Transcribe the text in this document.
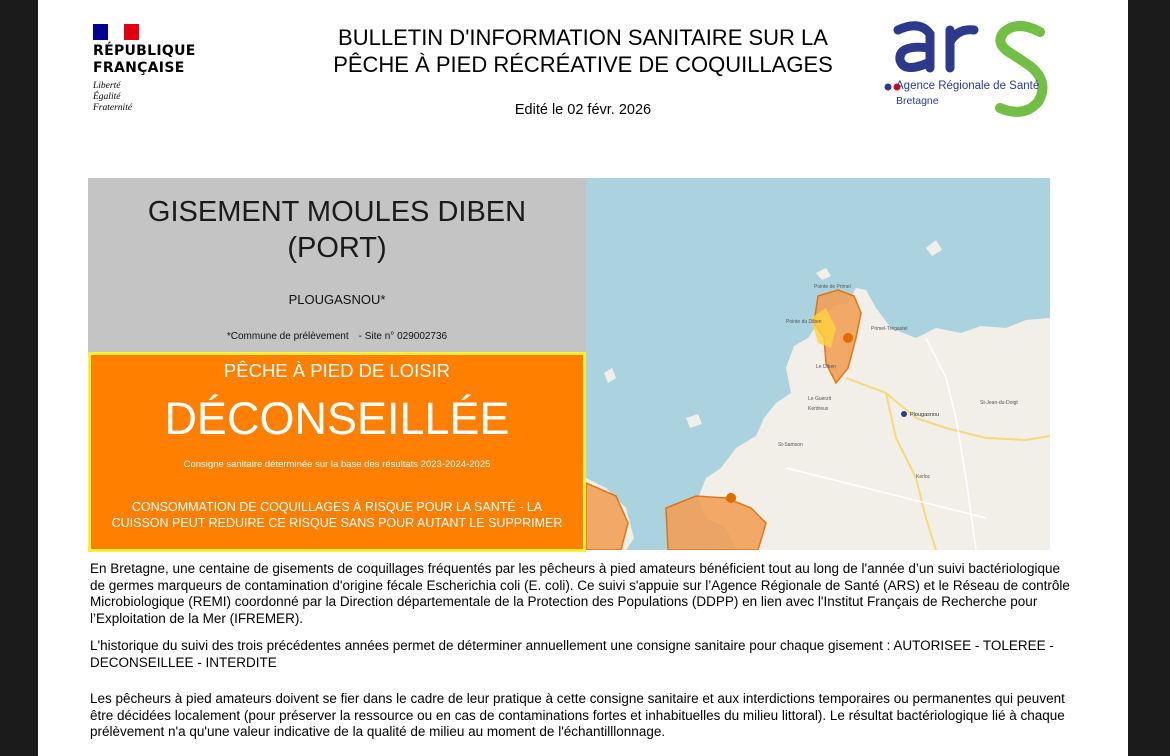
RÉPUBLIQUE
FRANÇAISE
Liberté
Égalité
Fraternité
BULLETIN D'INFORMATION SANITAIRE SUR LA
PÊCHE À PIED RÉCRÉATIVE DE COQUILLAGES
Edité le 02 févr. 2026
Agence Régionale de Santé
Bretagne
GISEMENT MOULES DIBEN
(PORT)
PLOUGASNOU*
*Commune de prélèvement - Site n° 029002736
PÊCHE À PIED DE LOISIR
DÉCONSEILLÉE
Consigne sanitaire déterminée sur la base des résultats 2023-2024-2025
CONSOMMATION DE COQUILLAGES À RISQUE POUR LA SANTÉ - LA
CUISSON PEUT REDUIRE CE RISQUE SANS POUR AUTANT LE SUPPRIMER
Pointe de Primel
Pointe du Diben
Le Diben
Primel-Trégastel
Kerdreux
Plougasnou
St-Samson
Le Guerzit
St-Jean-du-Doigt
Kerloc
En Bretagne, une centaine de gisements de coquillages fréquentés par les pêcheurs à pied amateurs bénéficient tout au long de l'année d’un suivi bactériologique de germes marqueurs de contamination d'origine fécale Escherichia coli (E. coli). Ce suivi s'appuie sur l’Agence Régionale de Santé (ARS) et le Réseau de contrôle Microbiologique (REMI) coordonné par la Direction départementale de la Protection des Populations (DDPP) en lien avec l'Institut Français de Recherche pour l’Exploitation de la Mer (IFREMER).
L'historique du suivi des trois précédentes années permet de déterminer annuellement une consigne sanitaire pour chaque gisement : AUTORISEE - TOLEREE - DECONSEILLEE - INTERDITE
Les pêcheurs à pied amateurs doivent se fier dans le cadre de leur pratique à cette consigne sanitaire et aux interdictions temporaires ou permanentes qui peuvent être décidées localement (pour préserver la ressource ou en cas de contaminations fortes et inhabituelles du milieu littoral). Le résultat bactériologique lié à chaque prélèvement n'a qu'une valeur indicative de la qualité de milieu au moment de l'échantilllonnage.
